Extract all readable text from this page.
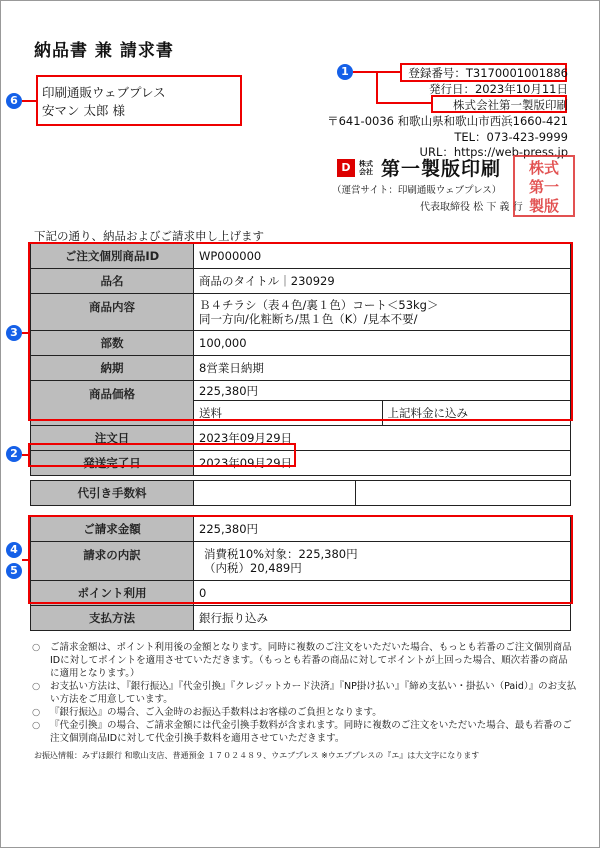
納品書 兼 請求書
印刷通販ウェブプレス
安マン 太郎 様
6
1	登録番号：T3170001001886
発行日：2023年10月11日
株式会社第一製版印刷
〒641-0036 和歌山県和歌山市西浜1660-421
TEL：073-423-9999
URL：https://web-press.jp
D	株式会社 第一製版印刷
（運営サイト：印刷通販ウェブプレス）
代表取締役 松 下 義 行
株式
第一
製版
下記の通り、納品およびご請求申し上げます
ご注文個別商品ID	WP000000	
品名	商品のタイトル｜230929	
商品内容	Ｂ４チラシ（表４色/裏１色）コート＜53kg＞
同一方向/化粧断ち/黒１色（K）/見本不要/	

部数	100,000	
納期	8営業日納期	
商品価格	225,380円	
	送料	上記料金に込み
注文日	2023年09月29日	
発送完了日	2023年09月29日	
3
2
代引き手数料		
ご請求金額	225,380円
請求の内訳	消費税10%対象：225,380円
（内税）20,489円

ポイント利用	0
支払方法	銀行振り込み
4
5
○ ご請求金額は、ポイント利用後の金額となります。同時に複数のご注文をいただいた場合、もっとも若番のご注文個別商品IDに対してポイントを適用させていただきます。（もっとも若番の商品に対してポイントが上回った場合、順次若番の商品に適用となります。）
○ お支払い方法は、『銀行振込』『代金引換』『クレジットカード決済』『NP掛け払い』『締め支払い・掛払い（Paid）』のお支払い方法をご用意しています。
○ 『銀行振込』の場合、ご入金時のお振込手数料はお客様のご負担となります。
○ 『代金引換』の場合、ご請求金額には代金引換手数料が含まれます。同時に複数のご注文をいただいた場合、最も若番のご注文個別商品IDに対して代金引換手数料を適用させていただきます。
お振込情報：みずほ銀行 和歌山支店、普通預金 １７０２４８９、ウエブプレス ※ウエブプレスの『エ』は大文字になります
